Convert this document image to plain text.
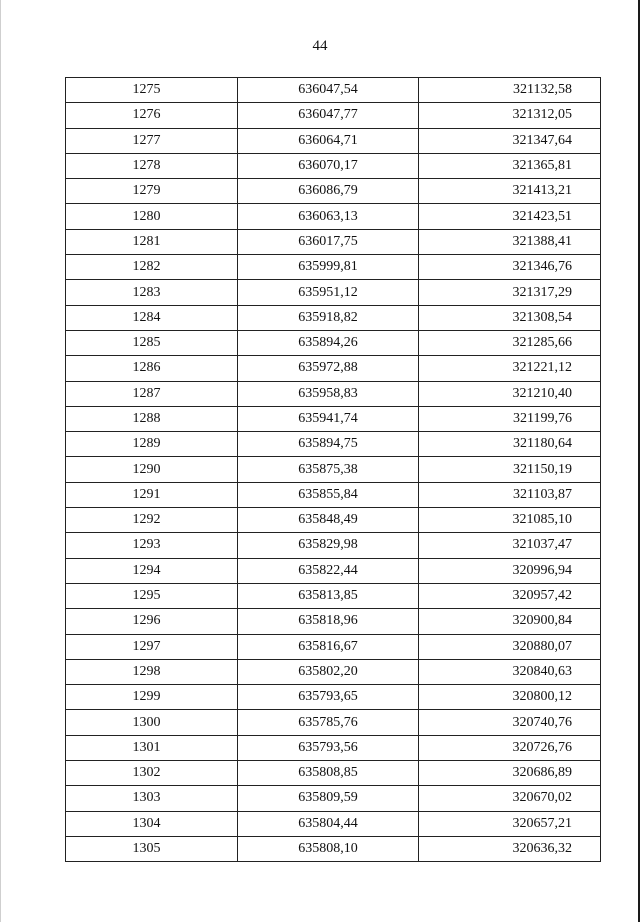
44
1275	636047,54	321132,58
1276	636047,77	321312,05
1277	636064,71	321347,64
1278	636070,17	321365,81
1279	636086,79	321413,21
1280	636063,13	321423,51
1281	636017,75	321388,41
1282	635999,81	321346,76
1283	635951,12	321317,29
1284	635918,82	321308,54
1285	635894,26	321285,66
1286	635972,88	321221,12
1287	635958,83	321210,40
1288	635941,74	321199,76
1289	635894,75	321180,64
1290	635875,38	321150,19
1291	635855,84	321103,87
1292	635848,49	321085,10
1293	635829,98	321037,47
1294	635822,44	320996,94
1295	635813,85	320957,42
1296	635818,96	320900,84
1297	635816,67	320880,07
1298	635802,20	320840,63
1299	635793,65	320800,12
1300	635785,76	320740,76
1301	635793,56	320726,76
1302	635808,85	320686,89
1303	635809,59	320670,02
1304	635804,44	320657,21
1305	635808,10	320636,32
